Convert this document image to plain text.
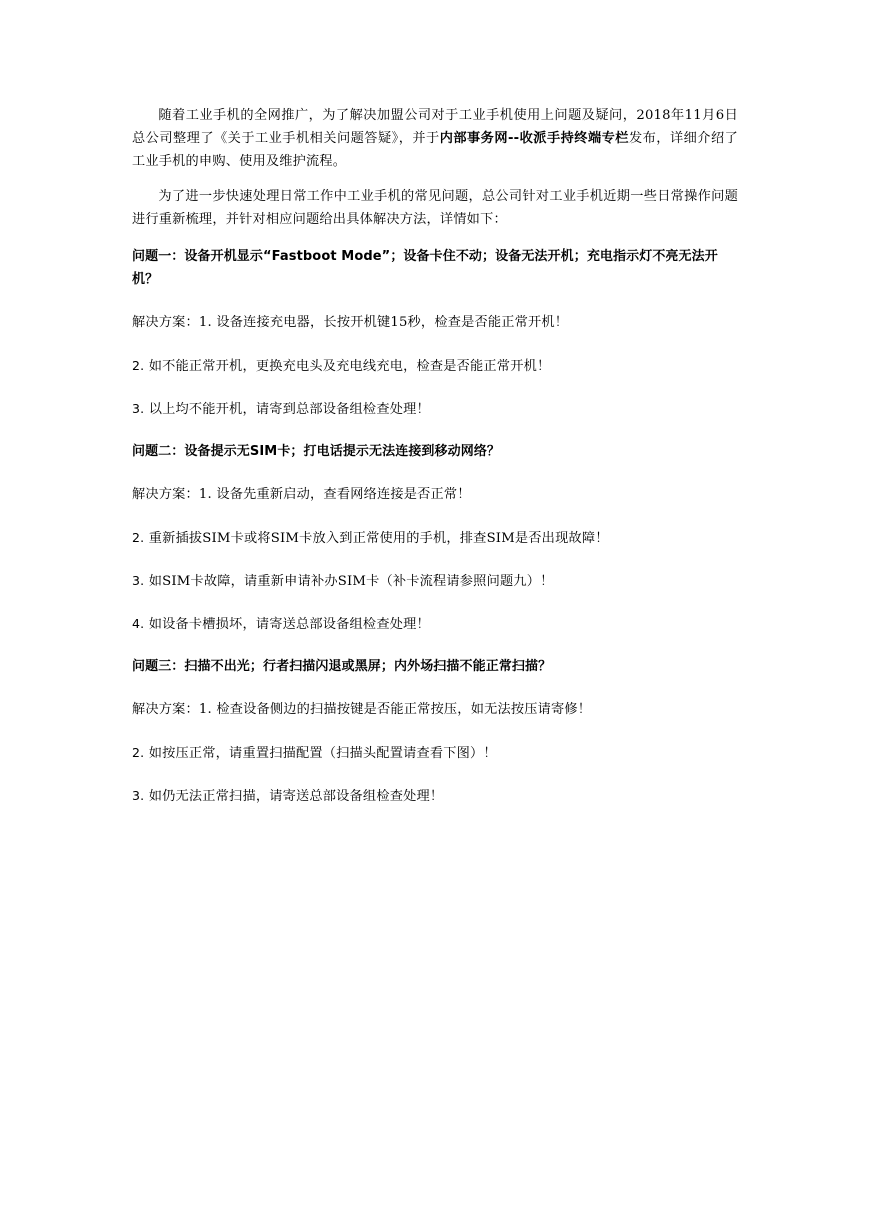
随着工业手机的全网推广，为了解决加盟公司对于工业手机使用上问题及疑问，2018年11月6日总公司整理了《关于工业手机相关问题答疑》，并于内部事务网--收派手持终端专栏发布，详细介绍了工业手机的申购、使用及维护流程。

为了进一步快速处理日常工作中工业手机的常见问题，总公司针对工业手机近期一些日常操作问题进行重新梳理，并针对相应问题给出具体解决方法，详情如下：

问题一：设备开机显示“Fastboot Mode”；设备卡住不动；设备无法开机；充电指示灯不亮无法开机？

解决方案：1. 设备连接充电器，长按开机键15秒，检查是否能正常开机！

2. 如不能正常开机，更换充电头及充电线充电，检查是否能正常开机！

3. 以上均不能开机，请寄到总部设备组检查处理！

问题二：设备提示无SIM卡；打电话提示无法连接到移动网络？

解决方案：1. 设备先重新启动，查看网络连接是否正常！

2. 重新插拔SIM卡或将SIM卡放入到正常使用的手机，排查SIM是否出现故障！

3. 如SIM卡故障，请重新申请补办SIM卡（补卡流程请参照问题九）！

4. 如设备卡槽损坏，请寄送总部设备组检查处理！

问题三：扫描不出光；行者扫描闪退或黑屏；内外场扫描不能正常扫描？

解决方案：1. 检查设备侧边的扫描按键是否能正常按压，如无法按压请寄修！

2. 如按压正常，请重置扫描配置（扫描头配置请查看下图）！

3. 如仍无法正常扫描，请寄送总部设备组检查处理！
